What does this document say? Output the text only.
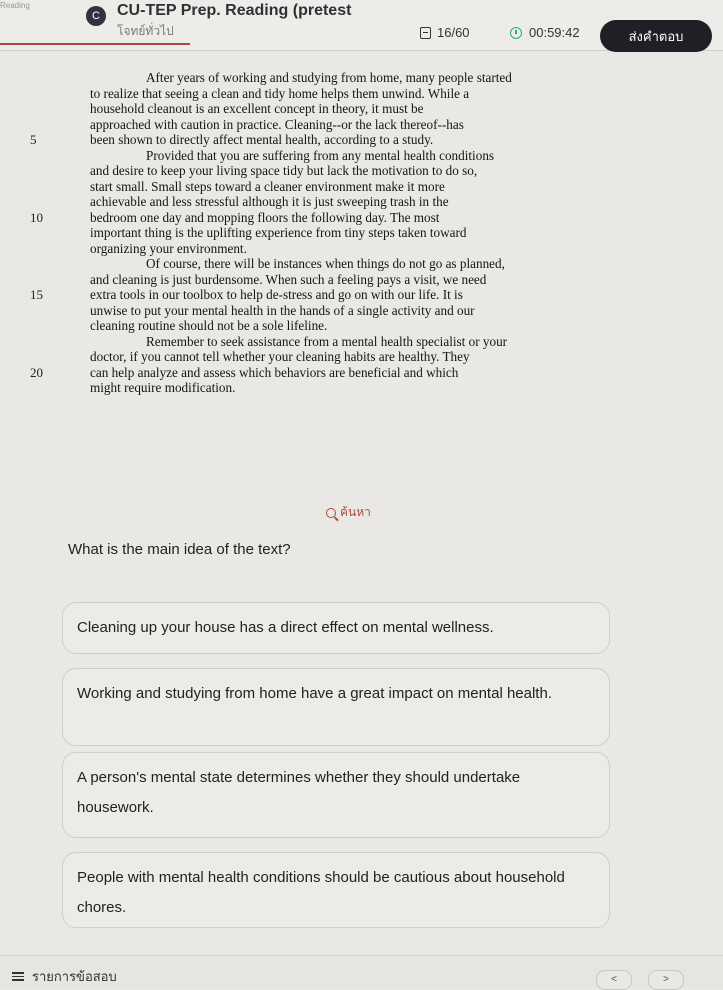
Reading
C	CU-TEP Prep. Reading (pretest
โจทย์ทั่วไป	16/60	00:59:42	ส่งคำตอบ

After years of working and studying from home, many people started
to realize that seeing a clean and tidy home helps them unwind. While a
household cleanout is an excellent concept in theory, it must be
approached with caution in practice. Cleaning--or the lack thereof--has
been shown to directly affect mental health, according to a study.
5

Provided that you are suffering from any mental health conditions
and desire to keep your living space tidy but lack the motivation to do so,
start small. Small steps toward a cleaner environment make it more
achievable and less stressful although it is just sweeping trash in the
bedroom one day and mopping floors the following day. The most
important thing is the uplifting experience from tiny steps taken toward
organizing your environment.
10

Of course, there will be instances when things do not go as planned,
and cleaning is just burdensome. When such a feeling pays a visit, we need
extra tools in our toolbox to help de-stress and go on with our life. It is
unwise to put your mental health in the hands of a single activity and our
cleaning routine should not be a sole lifeline.
15

Remember to seek assistance from a mental health specialist or your
doctor, if you cannot tell whether your cleaning habits are healthy. They
can help analyze and assess which behaviors are beneficial and which
might require modification.
20

ค้นหา
What is the main idea of the text?
Cleaning up your house has a direct effect on mental wellness.
Working and studying from home have a great impact on mental health.
A person's mental state determines whether they should undertake housework.
People with mental health conditions should be cautious about household chores.
รายการข้อสอบ	<	>
